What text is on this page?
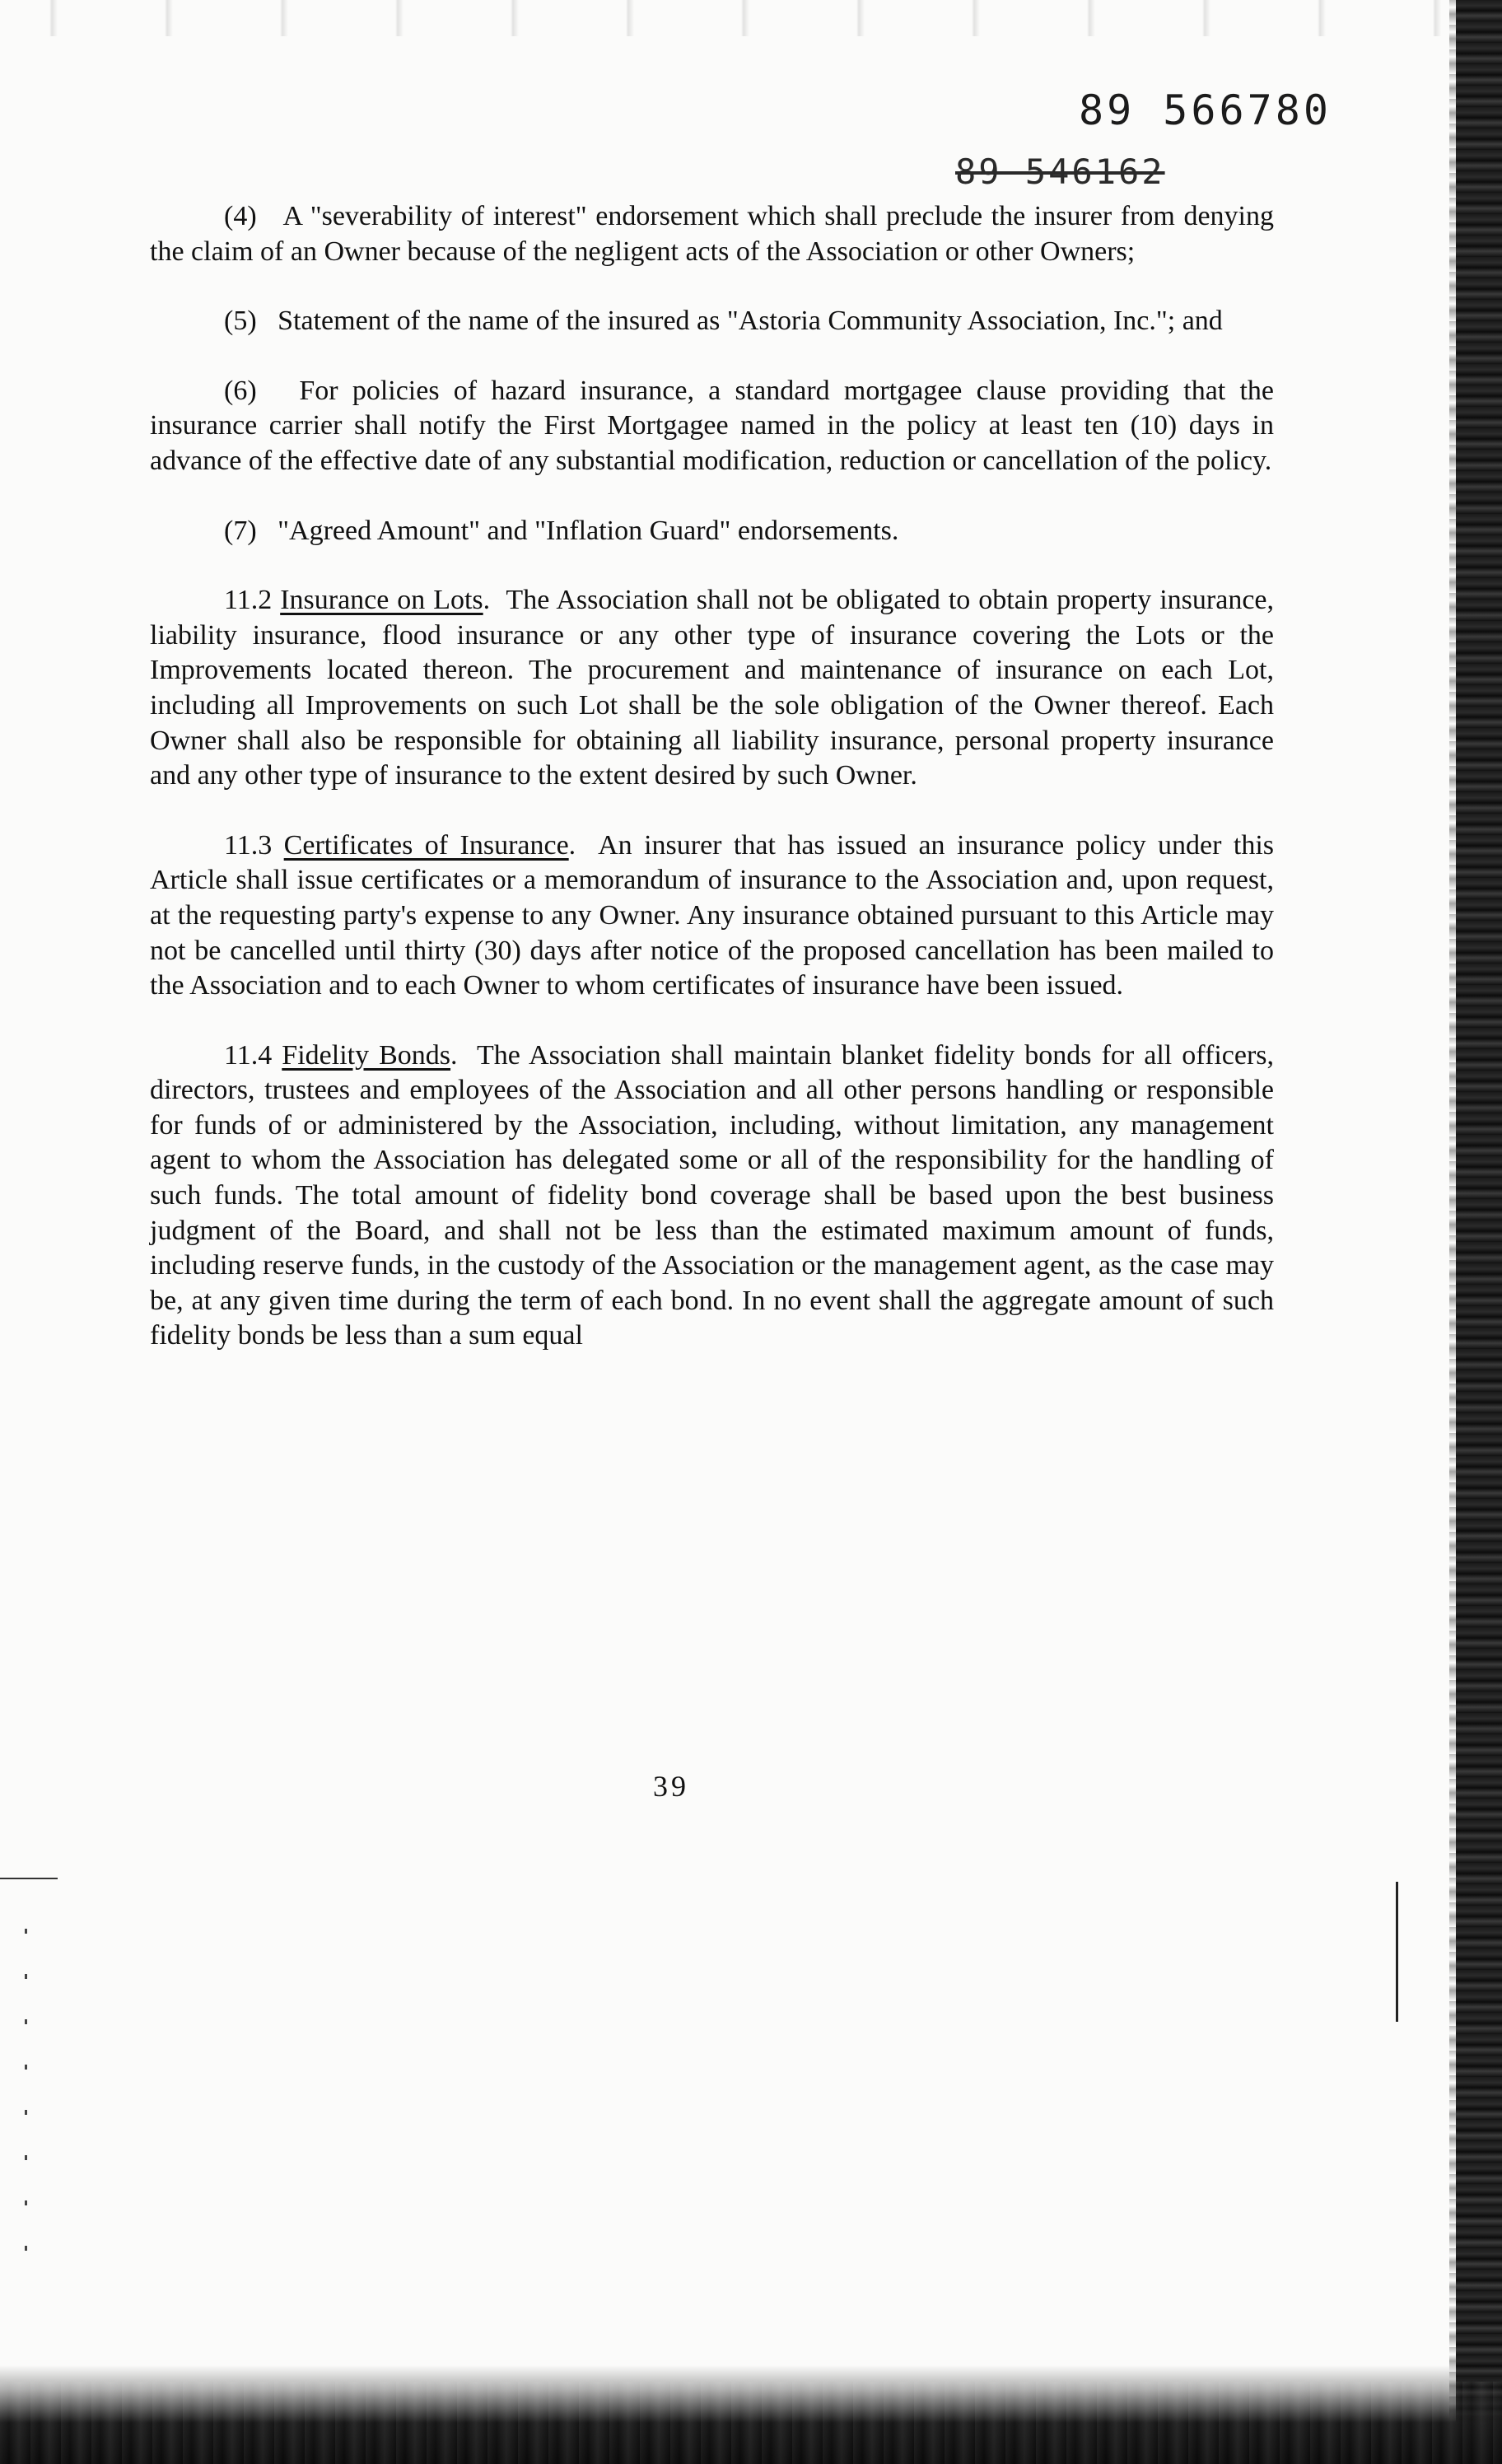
89 566780
89 546162

(4) A "severability of interest" endorsement which shall preclude the insurer from denying the claim of an Owner because of the negligent acts of the Association or other Owners;

(5) Statement of the name of the insured as "Astoria Community Association, Inc."; and

(6) For policies of hazard insurance, a standard mortgagee clause providing that the insurance carrier shall notify the First Mortgagee named in the policy at least ten (10) days in advance of the effective date of any substantial modification, reduction or cancellation of the policy.

(7) "Agreed Amount" and "Inflation Guard" endorsements.

11.2 Insurance on Lots.  The Association shall not be obligated to obtain property insurance, liability insurance, flood insurance or any other type of insurance covering the Lots or the Improvements located thereon. The procurement and maintenance of insurance on each Lot, including all Improvements on such Lot shall be the sole obligation of the Owner thereof. Each Owner shall also be responsible for obtaining all liability insurance, personal property insurance and any other type of insurance to the extent desired by such Owner.

11.3 Certificates of Insurance.  An insurer that has issued an insurance policy under this Article shall issue certificates or a memorandum of insurance to the Association and, upon request, at the requesting party's expense to any Owner. Any insurance obtained pursuant to this Article may not be cancelled until thirty (30) days after notice of the proposed cancellation has been mailed to the Association and to each Owner to whom certificates of insurance have been issued.

11.4 Fidelity Bonds.  The Association shall maintain blanket fidelity bonds for all officers, directors, trustees and employees of the Association and all other persons handling or responsible for funds of or administered by the Association, including, without limitation, any management agent to whom the Association has delegated some or all of the responsibility for the handling of such funds. The total amount of fidelity bond coverage shall be based upon the best business judgment of the Board, and shall not be less than the estimated maximum amount of funds, including reserve funds, in the custody of the Association or the management agent, as the case may be, at any given time during the term of each bond. In no event shall the aggregate amount of such fidelity bonds be less than a sum equal

39
